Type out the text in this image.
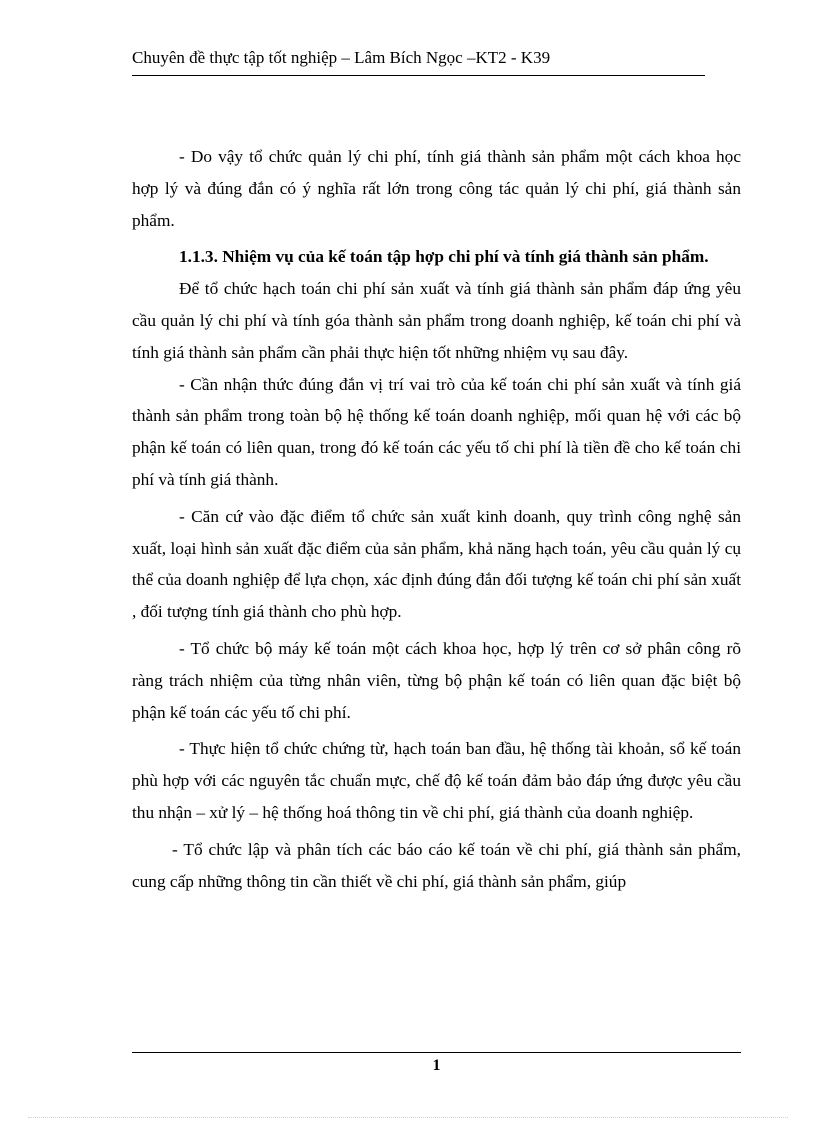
Chuyên đề thực tập tốt nghiệp – Lâm Bích Ngọc –KT2 - K39

- Do vậy tổ chức quản lý chi phí, tính giá thành sản phẩm một cách khoa học hợp lý và đúng đắn có ý nghĩa rất lớn trong công tác quản lý chi phí, giá thành sản phẩm.

1.1.3. Nhiệm vụ của kế toán tập hợp chi phí và tính giá thành sản phẩm.

Để tổ chức hạch toán chi phí sản xuất và tính giá thành sản phẩm đáp ứng yêu cầu quản lý chi phí và tính góa thành sản phẩm trong doanh nghiệp, kế toán chi phí và tính giá thành sản phẩm cần phải thực hiện tốt những nhiệm vụ sau đây.

- Cần nhận thức đúng đắn vị trí vai trò của kế toán chi phí sản xuất và tính giá thành sản phẩm trong toàn bộ hệ thống kế toán doanh nghiệp, mối quan hệ với các bộ phận kế toán có liên quan, trong đó kế toán các yếu tố chi phí là tiền đề cho kế toán chi phí và tính giá thành.

- Căn cứ vào đặc điểm tổ chức sản xuất kinh doanh, quy trình công nghệ sản xuất, loại hình sản xuất đặc điểm của sản phẩm, khả năng hạch toán, yêu cầu quản lý cụ thể của doanh nghiệp để lựa chọn, xác định đúng đắn đối tượng kế toán chi phí sản xuất , đối tượng tính giá thành cho phù hợp.

- Tổ chức bộ máy kế toán một cách khoa học, hợp lý trên cơ sở phân công rõ ràng trách nhiệm của từng nhân viên, từng bộ phận kế toán có liên quan đặc biệt bộ phận kế toán các yếu tố chi phí.

- Thực hiện tổ chức chứng từ, hạch toán ban đầu, hệ thống tài khoản, sổ kế toán phù hợp với các nguyên tắc chuẩn mực, chế độ kế toán đảm bảo đáp ứng được yêu cầu thu nhận – xử lý – hệ thống hoá thông tin về chi phí, giá thành của doanh nghiệp.

- Tổ chức lập và phân tích các báo cáo kế toán về chi phí, giá thành sản phẩm, cung cấp những thông tin cần thiết về chi phí, giá thành sản phẩm, giúp

1
